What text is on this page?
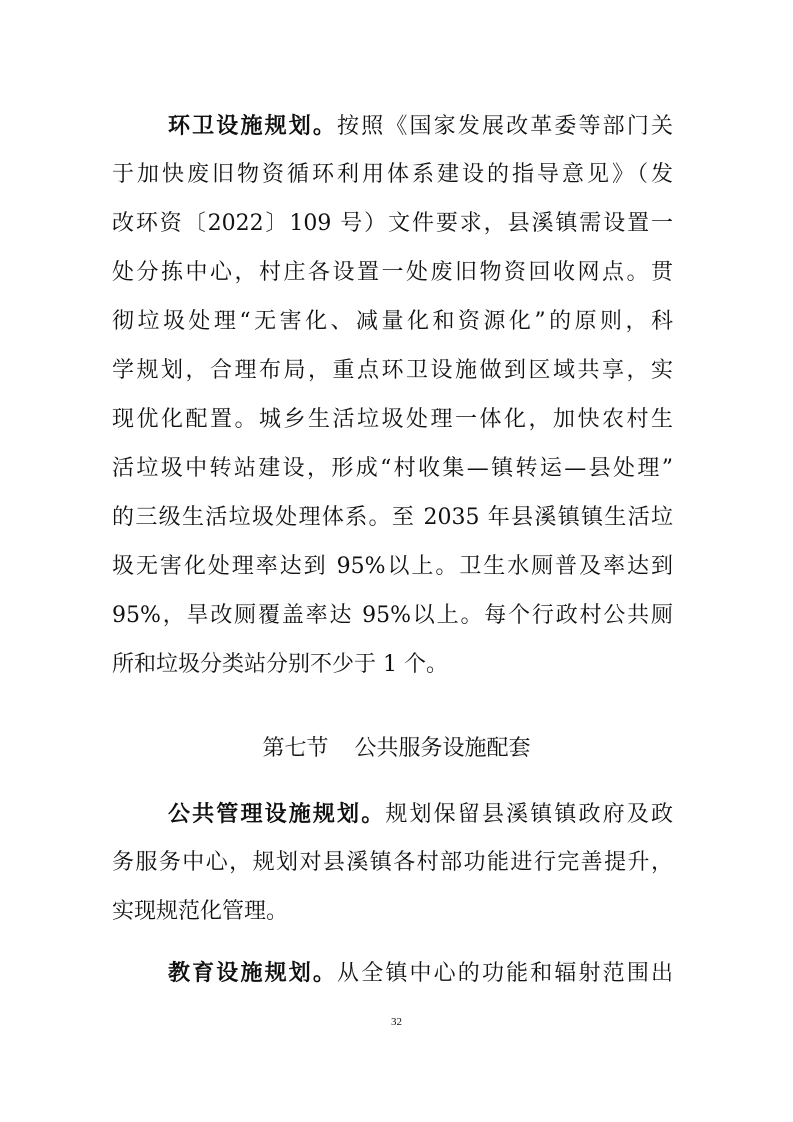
环卫设施规划。按照《国家发展改革委等部门关
于加快废旧物资循环利用体系建设的指导意见》（发
改环资〔2022〕109 号）文件要求，县溪镇需设置一
处分拣中心，村庄各设置一处废旧物资回收网点。贯
彻垃圾处理“无害化、减量化和资源化”的原则，科
学规划，合理布局，重点环卫设施做到区域共享，实
现优化配置。城乡生活垃圾处理一体化，加快农村生
活垃圾中转站建设，形成“村收集—镇转运—县处理”
的三级生活垃圾处理体系。至 2035 年县溪镇镇生活垃
圾无害化处理率达到 95%以上。卫生水厕普及率达到
95%，旱改厕覆盖率达 95%以上。每个行政村公共厕
所和垃圾分类站分别不少于 1 个。
第七节 公共服务设施配套
公共管理设施规划。规划保留县溪镇镇政府及政
务服务中心，规划对县溪镇各村部功能进行完善提升，
实现规范化管理。
教育设施规划。从全镇中心的功能和辐射范围出
32
